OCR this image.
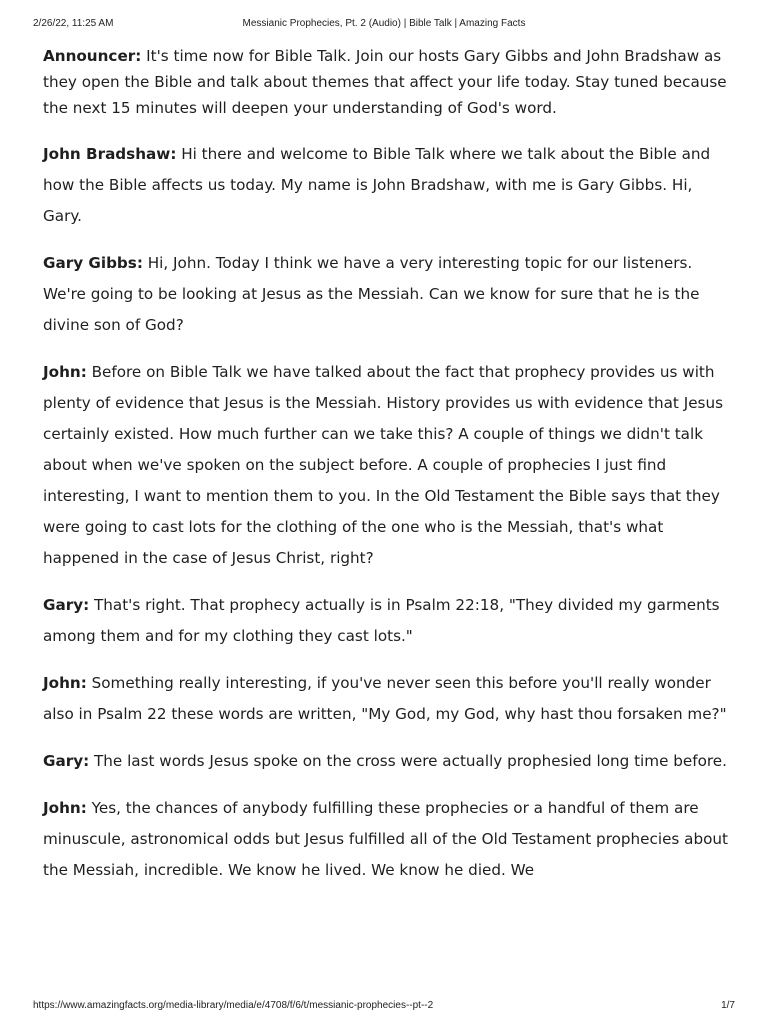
2/26/22, 11:25 AM	Messianic Prophecies, Pt. 2 (Audio) | Bible Talk | Amazing Facts

Announcer: It's time now for Bible Talk. Join our hosts Gary Gibbs and John Bradshaw as they open the Bible and talk about themes that affect your life today. Stay tuned because the next 15 minutes will deepen your understanding of God's word.

John Bradshaw: Hi there and welcome to Bible Talk where we talk about the Bible and how the Bible affects us today. My name is John Bradshaw, with me is Gary Gibbs. Hi, Gary.

Gary Gibbs: Hi, John. Today I think we have a very interesting topic for our listeners. We're going to be looking at Jesus as the Messiah. Can we know for sure that he is the divine son of God?

John: Before on Bible Talk we have talked about the fact that prophecy provides us with plenty of evidence that Jesus is the Messiah. History provides us with evidence that Jesus certainly existed. How much further can we take this? A couple of things we didn't talk about when we've spoken on the subject before. A couple of prophecies I just find interesting, I want to mention them to you. In the Old Testament the Bible says that they were going to cast lots for the clothing of the one who is the Messiah, that's what happened in the case of Jesus Christ, right?

Gary: That's right. That prophecy actually is in Psalm 22:18, "They divided my garments among them and for my clothing they cast lots."

John: Something really interesting, if you've never seen this before you'll really wonder also in Psalm 22 these words are written, "My God, my God, why hast thou forsaken me?"

Gary: The last words Jesus spoke on the cross were actually prophesied long time before.

John: Yes, the chances of anybody fulfilling these prophecies or a handful of them are minuscule, astronomical odds but Jesus fulfilled all of the Old Testament prophecies about the Messiah, incredible. We know he lived. We know he died. We

https://www.amazingfacts.org/media-library/media/e/4708/f/6/t/messianic-prophecies--pt--2	1/7
